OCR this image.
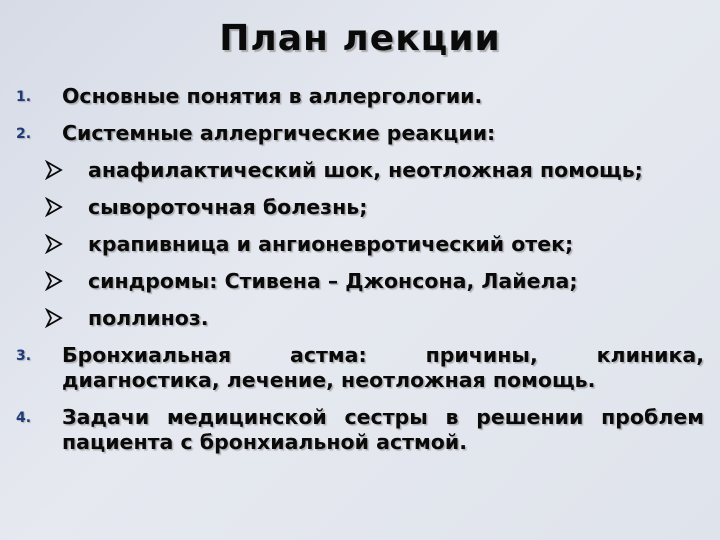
План лекции
1. Основные понятия в аллергологии.
2. Системные аллергические реакции:
анафилактический шок, неотложная помощь;
сывороточная болезнь;
крапивница и ангионевротический отек;
синдромы: Стивена – Джонсона, Лайела;
поллиноз.
3. Бронхиальная астма: причины, клиника, диагностика, лечение, неотложная помощь.
4. Задачи медицинской сестры в решении проблем пациента с бронхиальной астмой.
